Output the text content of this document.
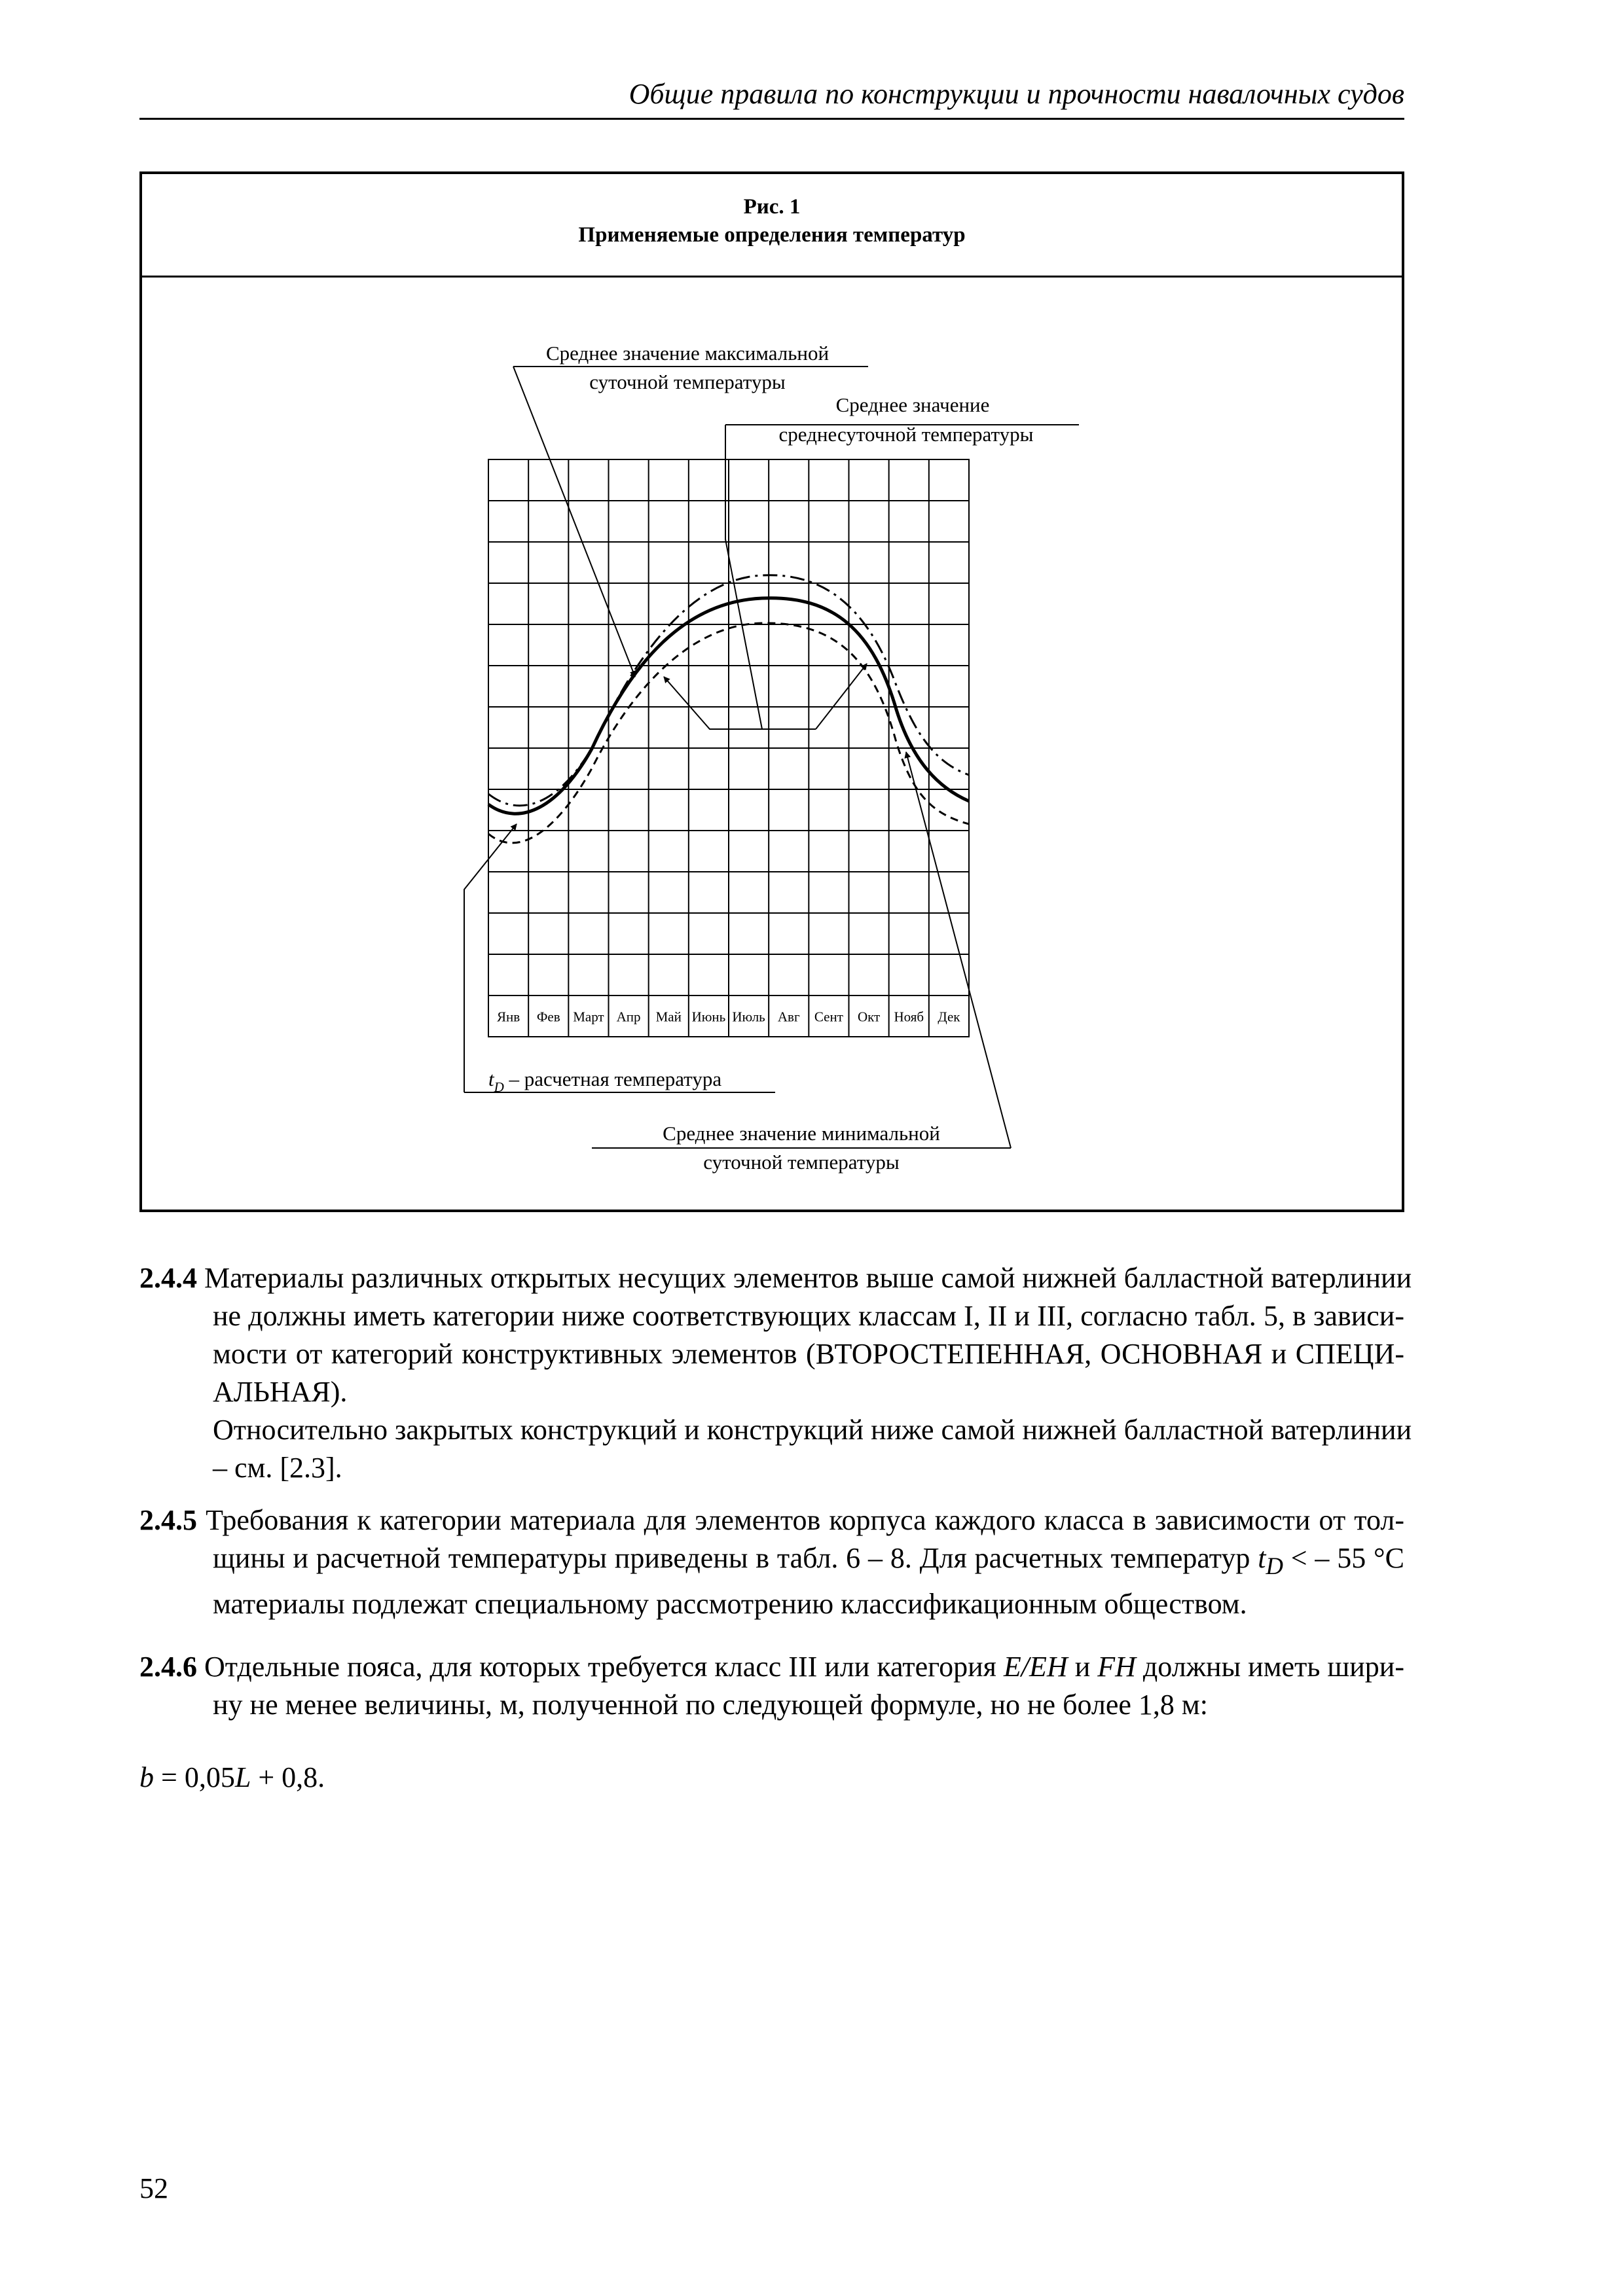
Общие правила по конструкции и прочности навалочных судов
Рис. 1
Применяемые определения температур
Среднее значение максимальной
суточной температуры
Среднее значение
среднесуточной температуры
$t_D$ – расчетная температура
Среднее значение минимальной
суточной температуры
Янв Фев Март Апр Май Июнь Июль Авг Сент Окт Нояб Дек
2.4.4 Материалы различных открытых несущих элементов выше самой нижней балластной ватерлинии
не должны иметь категории ниже соответствующих классам I, II и III, согласно табл. 5, в зависи-
мости от категорий конструктивных элементов (ВТОРОСТЕПЕННАЯ, ОСНОВНАЯ и СПЕЦИ-
АЛЬНАЯ).
Относительно закрытых конструкций и конструкций ниже самой нижней балластной ватерлинии
– см. [2.3].
2.4.5 Требования к категории материала для элементов корпуса каждого класса в зависимости от тол-
щины и расчетной температуры приведены в табл. 6 – 8. Для расчетных температур $t_D$ < – 55 °C
материалы подлежат специальному рассмотрению классификационным обществом.
2.4.6 Отдельные пояса, для которых требуется класс III или категория E/EH и FH должны иметь шири-
ну не менее величины, м, полученной по следующей формуле, но не более 1,8 м:
b = 0,05L + 0,8.
52
